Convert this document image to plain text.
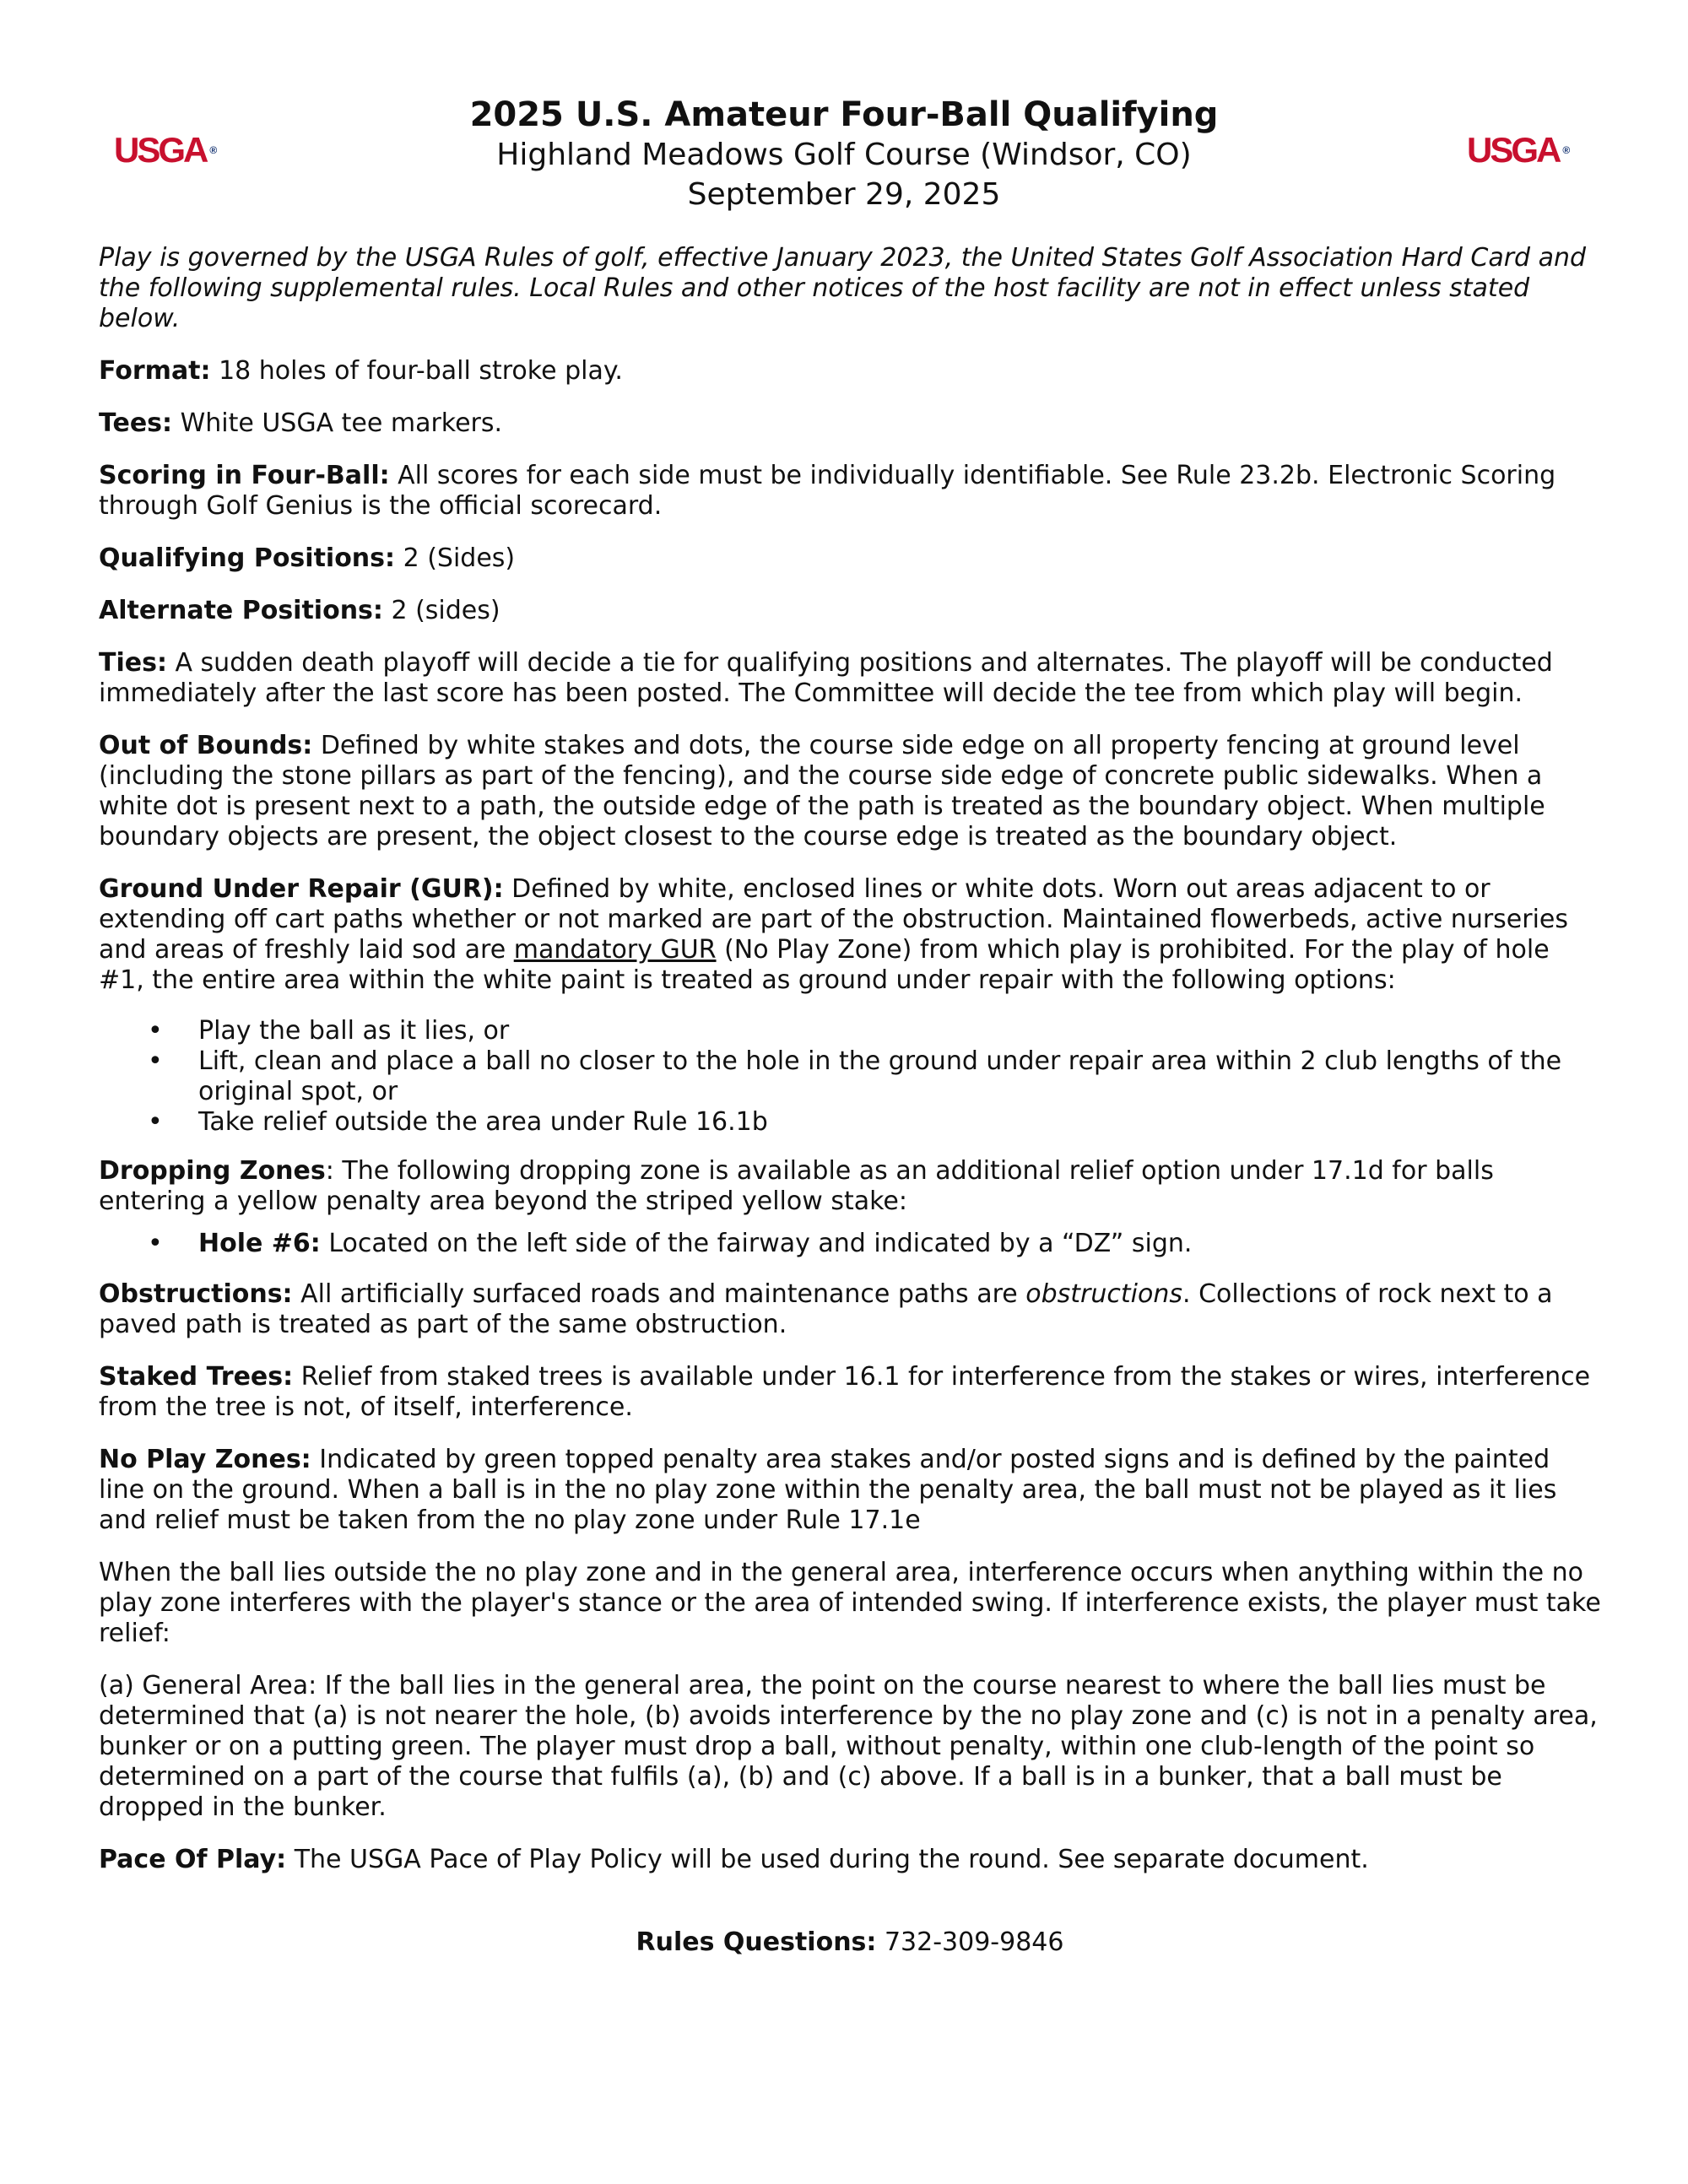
USGA ®
2025 U.S. Amateur Four-Ball Qualifying
Highland Meadows Golf Course (Windsor, CO)
September 29, 2025
USGA ®

Play is governed by the USGA Rules of golf, effective January 2023, the United States Golf Association Hard Card and the following supplemental rules. Local Rules and other notices of the host facility are not in effect unless stated below.

Format: 18 holes of four-ball stroke play.

Tees: White USGA tee markers.

Scoring in Four-Ball: All scores for each side must be individually identifiable. See Rule 23.2b. Electronic Scoring through Golf Genius is the official scorecard.

Qualifying Positions: 2 (Sides)

Alternate Positions: 2 (sides)

Ties: A sudden death playoff will decide a tie for qualifying positions and alternates. The playoff will be conducted immediately after the last score has been posted. The Committee will decide the tee from which play will begin.

Out of Bounds: Defined by white stakes and dots, the course side edge on all property fencing at ground level (including the stone pillars as part of the fencing), and the course side edge of concrete public sidewalks. When a white dot is present next to a path, the outside edge of the path is treated as the boundary object. When multiple boundary objects are present, the object closest to the course edge is treated as the boundary object.

Ground Under Repair (GUR): Defined by white, enclosed lines or white dots. Worn out areas adjacent to or extending off cart paths whether or not marked are part of the obstruction. Maintained flowerbeds, active nurseries and areas of freshly laid sod are mandatory GUR (No Play Zone) from which play is prohibited. For the play of hole #1, the entire area within the white paint is treated as ground under repair with the following options:

• Play the ball as it lies, or
• Lift, clean and place a ball no closer to the hole in the ground under repair area within 2 club lengths of the original spot, or
• Take relief outside the area under Rule 16.1b

Dropping Zones: The following dropping zone is available as an additional relief option under 17.1d for balls entering a yellow penalty area beyond the striped yellow stake:

• Hole #6: Located on the left side of the fairway and indicated by a “DZ” sign.

Obstructions: All artificially surfaced roads and maintenance paths are obstructions. Collections of rock next to a paved path is treated as part of the same obstruction.

Staked Trees: Relief from staked trees is available under 16.1 for interference from the stakes or wires, interference from the tree is not, of itself, interference.

No Play Zones: Indicated by green topped penalty area stakes and/or posted signs and is defined by the painted line on the ground. When a ball is in the no play zone within the penalty area, the ball must not be played as it lies and relief must be taken from the no play zone under Rule 17.1e

When the ball lies outside the no play zone and in the general area, interference occurs when anything within the no play zone interferes with the player's stance or the area of intended swing. If interference exists, the player must take relief:

(a) General Area: If the ball lies in the general area, the point on the course nearest to where the ball lies must be determined that (a) is not nearer the hole, (b) avoids interference by the no play zone and (c) is not in a penalty area, bunker or on a putting green. The player must drop a ball, without penalty, within one club-length of the point so determined on a part of the course that fulfils (a), (b) and (c) above. If a ball is in a bunker, that a ball must be dropped in the bunker.

Pace Of Play: The USGA Pace of Play Policy will be used during the round. See separate document.

Rules Questions: 732-309-9846
